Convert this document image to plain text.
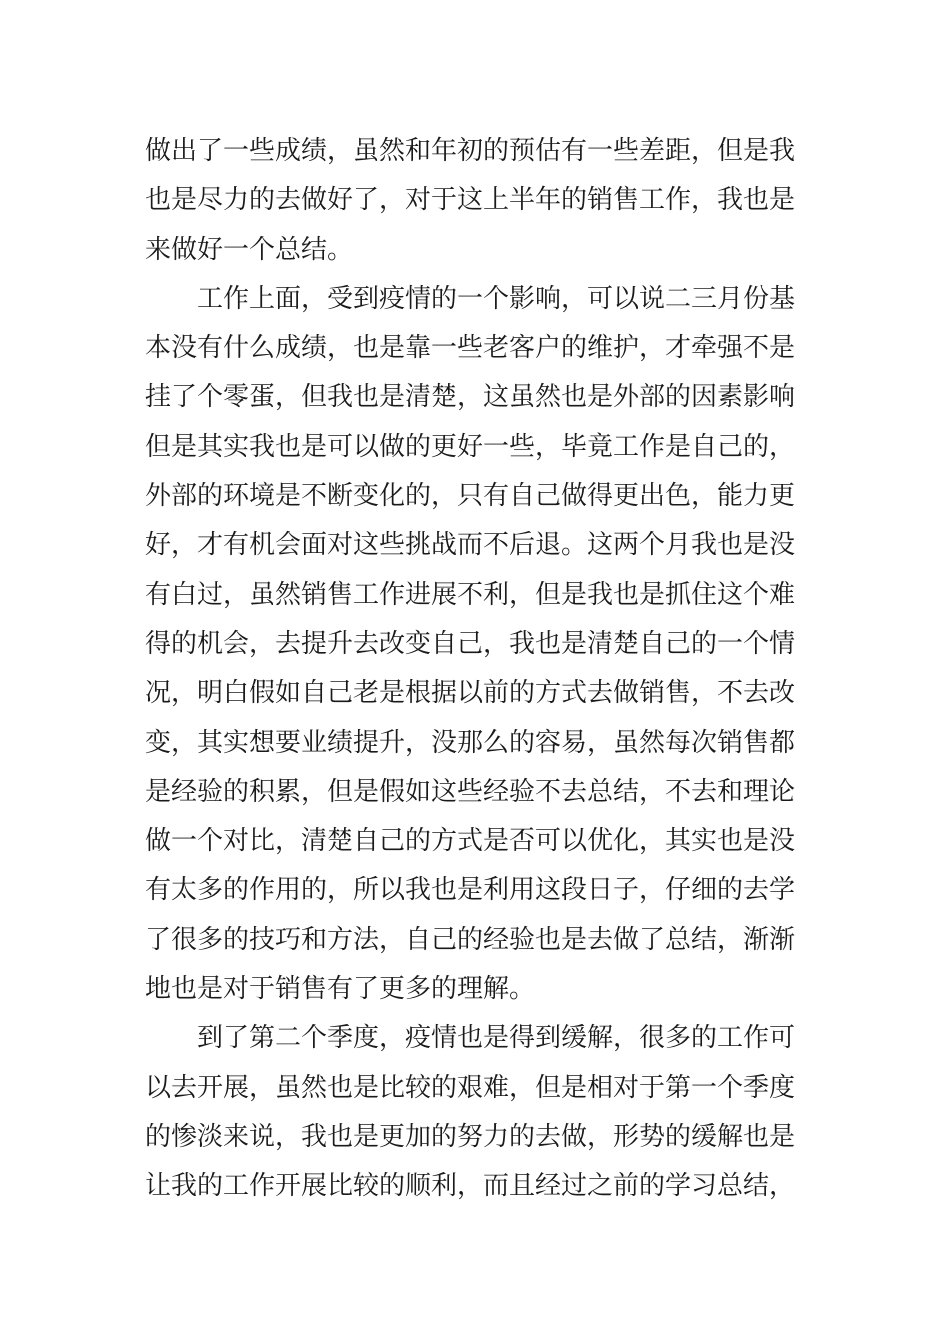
做出了一些成绩，虽然和年初的预估有一些差距，但是我
也是尽力的去做好了，对于这上半年的销售工作，我也是
来做好一个总结。
工作上面，受到疫情的一个影响，可以说二三月份基
本没有什么成绩，也是靠一些老客户的维护，才牵强不是
挂了个零蛋，但我也是清楚，这虽然也是外部的因素影响
但是其实我也是可以做的更好一些，毕竟工作是自己的，
外部的环境是不断变化的，只有自己做得更出色，能力更
好，才有机会面对这些挑战而不后退。这两个月我也是没
有白过，虽然销售工作进展不利，但是我也是抓住这个难
得的机会，去提升去改变自己，我也是清楚自己的一个情
况，明白假如自己老是根据以前的方式去做销售，不去改
变，其实想要业绩提升，没那么的容易，虽然每次销售都
是经验的积累，但是假如这些经验不去总结，不去和理论
做一个对比，清楚自己的方式是否可以优化，其实也是没
有太多的作用的，所以我也是利用这段日子，仔细的去学
了很多的技巧和方法，自己的经验也是去做了总结，渐渐
地也是对于销售有了更多的理解。
到了第二个季度，疫情也是得到缓解，很多的工作可
以去开展，虽然也是比较的艰难，但是相对于第一个季度
的惨淡来说，我也是更加的努力的去做，形势的缓解也是
让我的工作开展比较的顺利，而且经过之前的学习总结，
